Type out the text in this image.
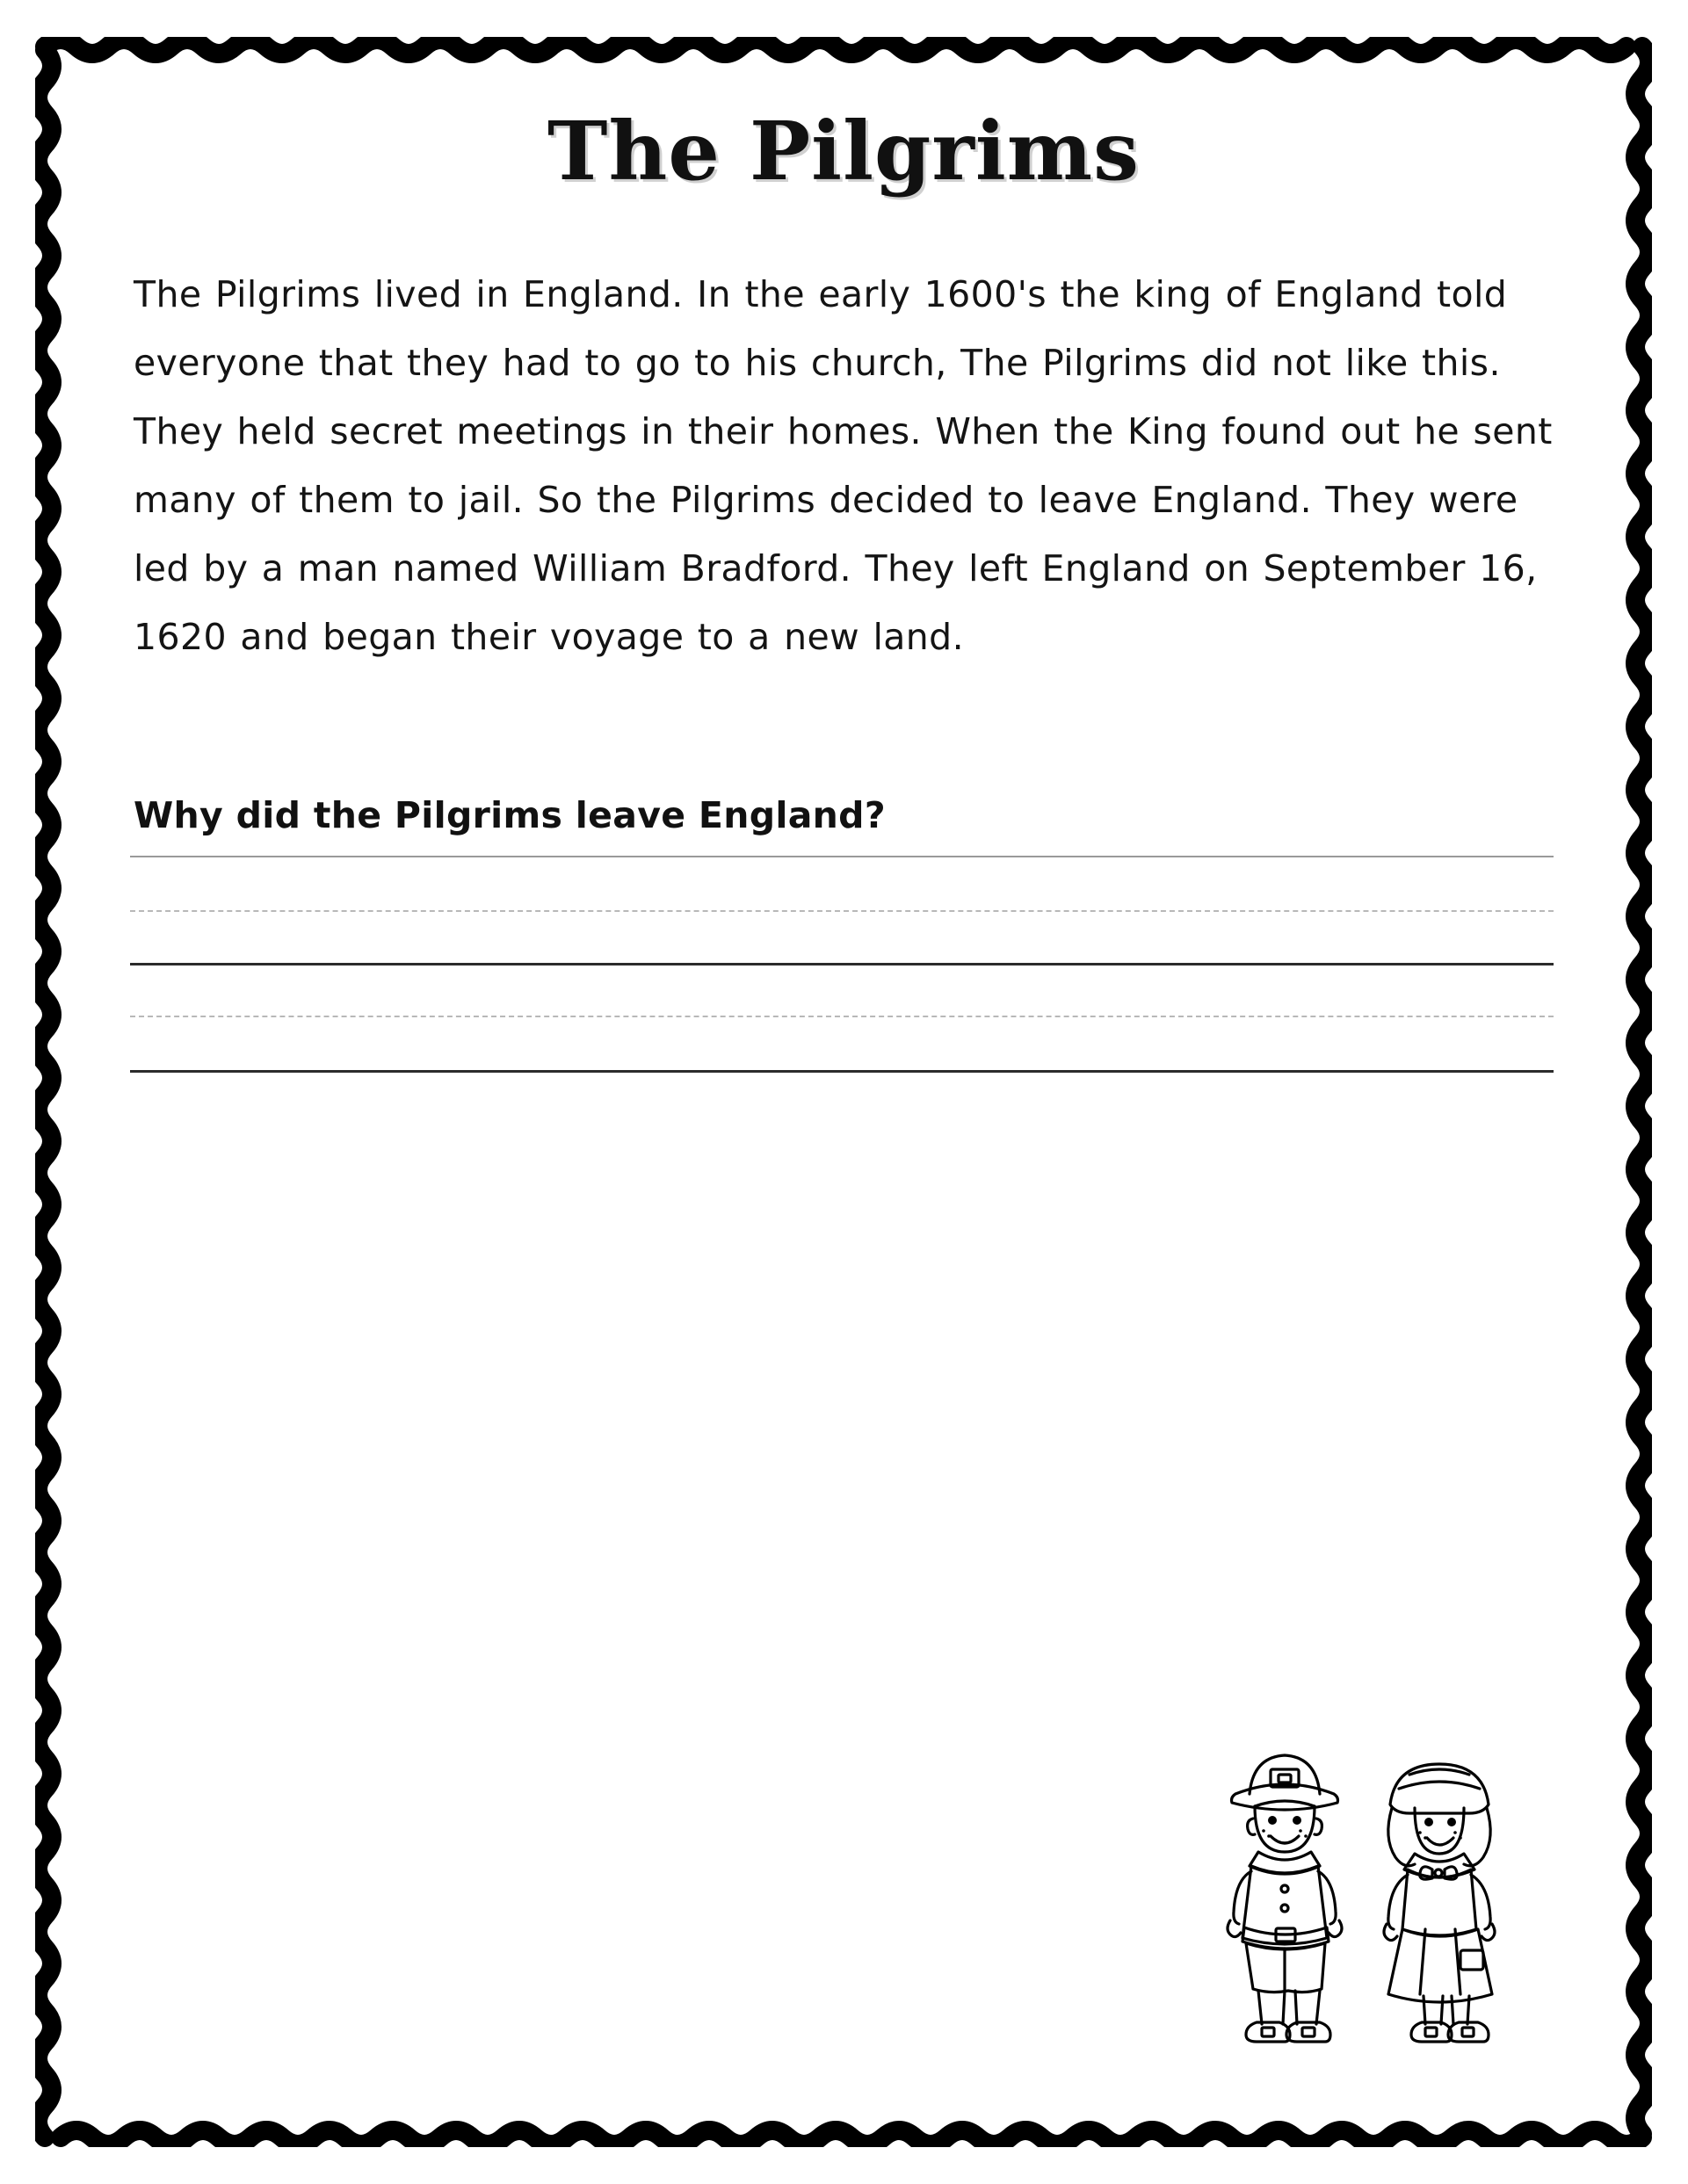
The Pilgrims

The Pilgrims lived in England. In the early 1600's the king of England told everyone that they had to go to his church, The Pilgrims did not like this. They held secret meetings in their homes. When the King found out he sent many of them to jail. So the Pilgrims decided to leave England. They were led by a man named William Bradford. They left England on September 16, 1620 and began their voyage to a new land.

Why did the Pilgrims leave England?
